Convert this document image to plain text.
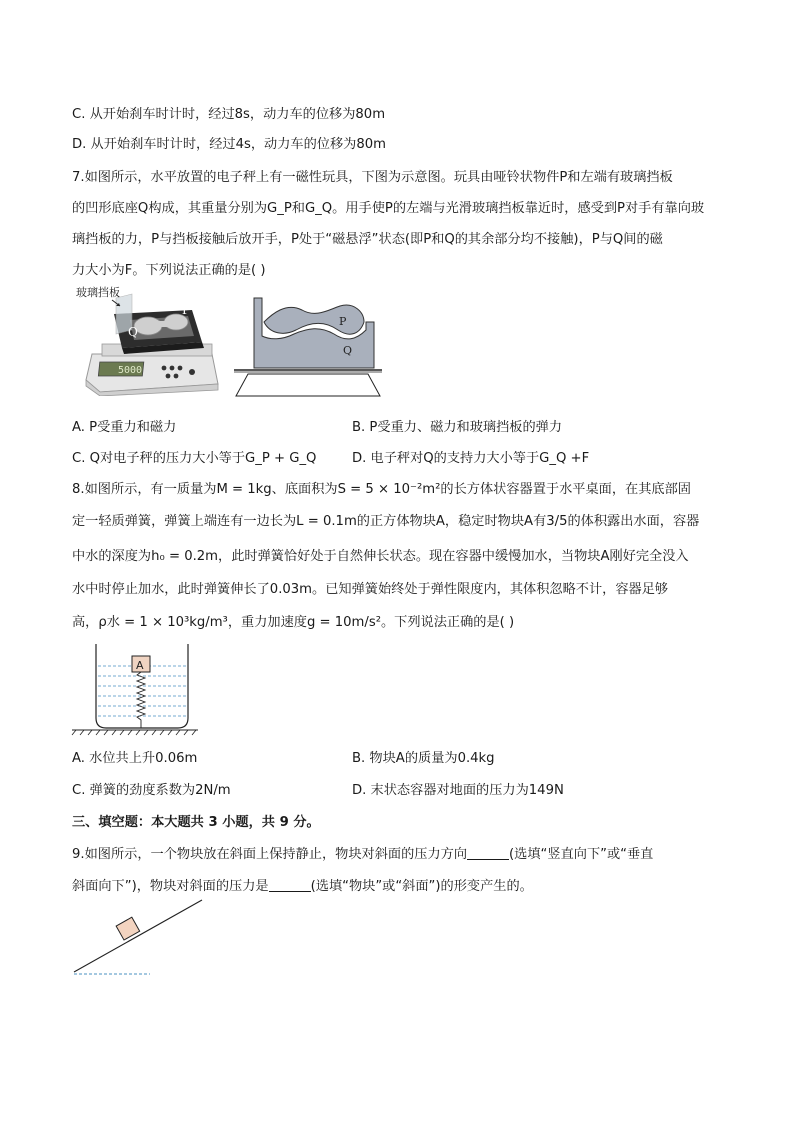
C. 从开始刹车时计时，经过8s，动力车的位移为80m
D. 从开始刹车时计时，经过4s，动力车的位移为80m
7.如图所示，水平放置的电子秤上有一磁性玩具，下图为示意图。玩具由哑铃状物件P和左端有玻璃挡板
的凹形底座Q构成，其重量分别为G_P和G_Q。用手使P的左端与光滑玻璃挡板靠近时，感受到P对手有靠向玻
璃挡板的力，P与挡板接触后放开手，P处于“磁悬浮”状态(即P和Q的其余部分均不接触)，P与Q间的磁
力大小为F。下列说法正确的是( )
5000
Q
P
玻璃挡板
P
Q
A. P受重力和磁力	B. P受重力、磁力和玻璃挡板的弹力
C. Q对电子秤的压力大小等于G_P + G_Q	D. 电子秤对Q的支持力大小等于G_Q +F
8.如图所示，有一质量为M = 1kg、底面积为S = 5 × 10⁻²m²的长方体状容器置于水平桌面，在其底部固
定一轻质弹簧，弹簧上端连有一边长为L = 0.1m的正方体物块A，稳定时物块A有3/5的体积露出水面，容器
中水的深度为h₀ = 0.2m，此时弹簧恰好处于自然伸长状态。现在容器中缓慢加水，当物块A刚好完全没入
水中时停止加水，此时弹簧伸长了0.03m。已知弹簧始终处于弹性限度内，其体积忽略不计，容器足够
高，ρ水 = 1 × 10³kg/m³，重力加速度g = 10m/s²。下列说法正确的是( )
A
A. 水位共上升0.06m	B. 物块A的质量为0.4kg
C. 弹簧的劲度系数为2N/m	D. 末状态容器对地面的压力为149N
三、填空题：本大题共 3 小题，共 9 分。
9.如图所示，一个物块放在斜面上保持静止，物块对斜面的压力方向	(选填“竖直向下”或“垂直
斜面向下”)，物块对斜面的压力是	(选填“物块”或“斜面”)的形变产生的。
